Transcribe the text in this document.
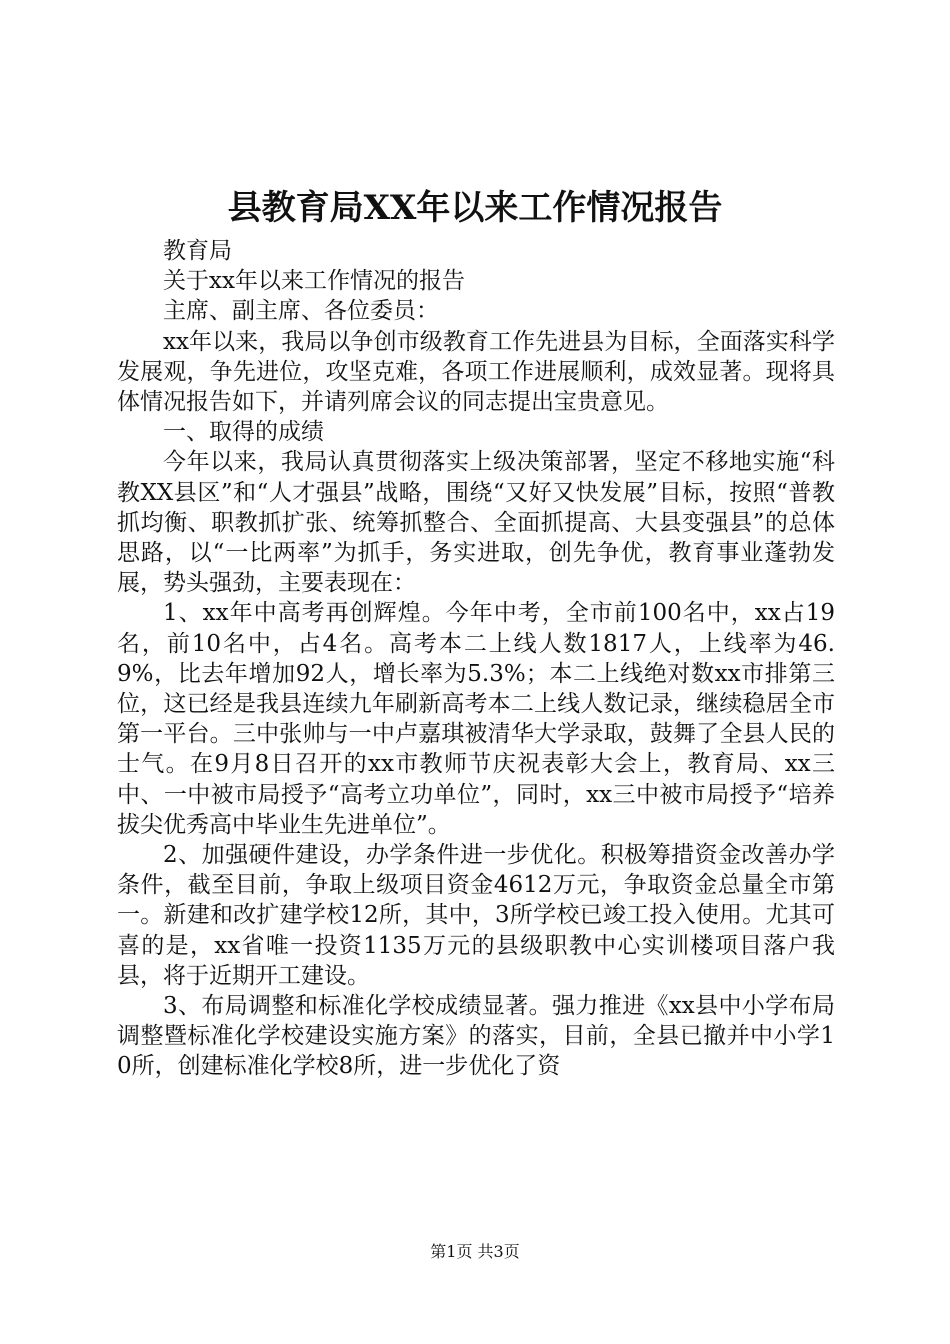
县教育局XX年以来工作情况报告

教育局

关于xx年以来工作情况的报告

主席、副主席、各位委员：

xx年以来，我局以争创市级教育工作先进县为目标，全面落实科学发展观，争先进位，攻坚克难，各项工作进展顺利，成效显著。现将具体情况报告如下，并请列席会议的同志提出宝贵意见。

一、取得的成绩

今年以来，我局认真贯彻落实上级决策部署，坚定不移地实施“科教XX县区”和“人才强县”战略，围绕“又好又快发展”目标，按照“普教抓均衡、职教抓扩张、统筹抓整合、全面抓提高、大县变强县”的总体思路，以“一比两率”为抓手，务实进取，创先争优，教育事业蓬勃发展，势头强劲，主要表现在：

1、xx年中高考再创辉煌。今年中考，全市前100名中，xx占19名，前10名中，占4名。高考本二上线人数1817人，上线率为46.9%，比去年增加92人，增长率为5.3%；本二上线绝对数xx市排第三位，这已经是我县连续九年刷新高考本二上线人数记录，继续稳居全市第一平台。三中张帅与一中卢嘉琪被清华大学录取，鼓舞了全县人民的士气。在9月8日召开的xx市教师节庆祝表彰大会上，教育局、xx三中、一中被市局授予“高考立功单位”，同时，xx三中被市局授予“培养拔尖优秀高中毕业生先进单位”。

2、加强硬件建设，办学条件进一步优化。积极筹措资金改善办学条件，截至目前，争取上级项目资金4612万元，争取资金总量全市第一。新建和改扩建学校12所，其中，3所学校已竣工投入使用。尤其可喜的是，xx省唯一投资1135万元的县级职教中心实训楼项目落户我县，将于近期开工建设。

3、布局调整和标准化学校成绩显著。强力推进《xx县中小学布局调整暨标准化学校建设实施方案》的落实，目前，全县已撤并中小学10所，创建标准化学校8所，进一步优化了资

第1页 共3页
